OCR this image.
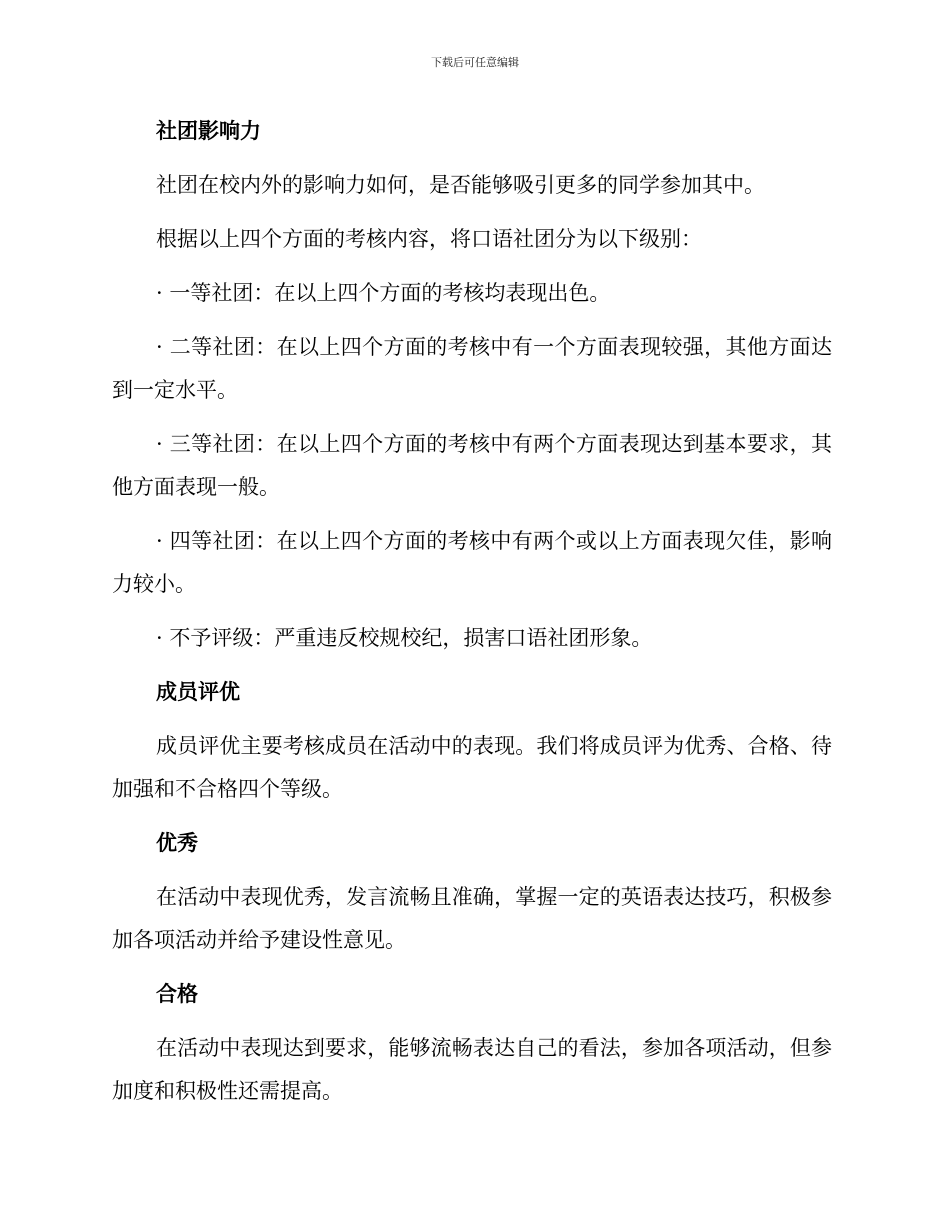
下载后可任意编辑
社团影响力

社团在校内外的影响力如何，是否能够吸引更多的同学参加其中。

根据以上四个方面的考核内容，将口语社团分为以下级别：

· 一等社团：在以上四个方面的考核均表现出色。

· 二等社团：在以上四个方面的考核中有一个方面表现较强，其他方面达到一定水平。

· 三等社团：在以上四个方面的考核中有两个方面表现达到基本要求，其他方面表现一般。

· 四等社团：在以上四个方面的考核中有两个或以上方面表现欠佳，影响力较小。

· 不予评级：严重违反校规校纪，损害口语社团形象。

成员评优

成员评优主要考核成员在活动中的表现。我们将成员评为优秀、合格、待加强和不合格四个等级。

优秀

在活动中表现优秀，发言流畅且准确，掌握一定的英语表达技巧，积极参加各项活动并给予建设性意见。

合格

在活动中表现达到要求，能够流畅表达自己的看法，参加各项活动，但参加度和积极性还需提高。
